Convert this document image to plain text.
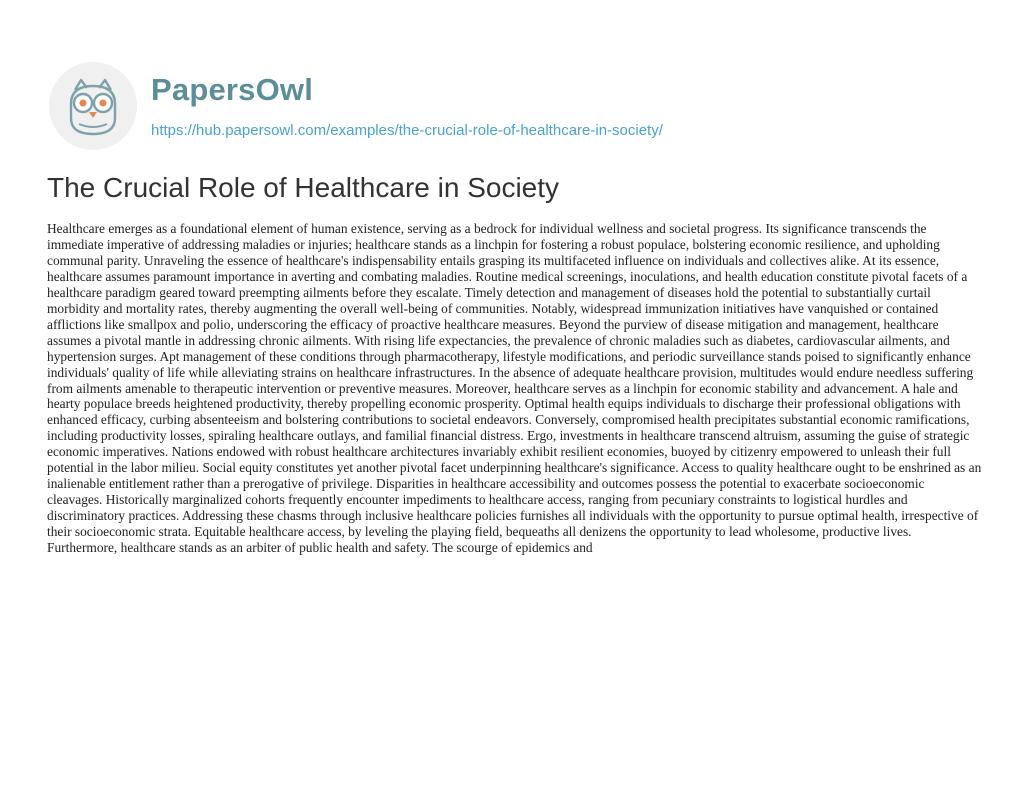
PapersOwl
https://hub.papersowl.com/examples/the-crucial-role-of-healthcare-in-society/
The Crucial Role of Healthcare in Society

Healthcare emerges as a foundational element of human existence, serving as a bedrock for individual wellness and societal progress. Its significance transcends the immediate imperative of addressing maladies or injuries; healthcare stands as a linchpin for fostering a robust populace, bolstering economic resilience, and upholding communal parity. Unraveling the essence of healthcare's indispensability entails grasping its multifaceted influence on individuals and collectives alike. At its essence, healthcare assumes paramount importance in averting and combating maladies. Routine medical screenings, inoculations, and health education constitute pivotal facets of a healthcare paradigm geared toward preempting ailments before they escalate. Timely detection and management of diseases hold the potential to substantially curtail morbidity and mortality rates, thereby augmenting the overall well-being of communities. Notably, widespread immunization initiatives have vanquished or contained afflictions like smallpox and polio, underscoring the efficacy of proactive healthcare measures. Beyond the purview of disease mitigation and management, healthcare assumes a pivotal mantle in addressing chronic ailments. With rising life expectancies, the prevalence of chronic maladies such as diabetes, cardiovascular ailments, and hypertension surges. Apt management of these conditions through pharmacotherapy, lifestyle modifications, and periodic surveillance stands poised to significantly enhance individuals' quality of life while alleviating strains on healthcare infrastructures. In the absence of adequate healthcare provision, multitudes would endure needless suffering from ailments amenable to therapeutic intervention or preventive measures. Moreover, healthcare serves as a linchpin for economic stability and advancement. A hale and hearty populace breeds heightened productivity, thereby propelling economic prosperity. Optimal health equips individuals to discharge their professional obligations with enhanced efficacy, curbing absenteeism and bolstering contributions to societal endeavors. Conversely, compromised health precipitates substantial economic ramifications, including productivity losses, spiraling healthcare outlays, and familial financial distress. Ergo, investments in healthcare transcend altruism, assuming the guise of strategic economic imperatives. Nations endowed with robust healthcare architectures invariably exhibit resilient economies, buoyed by citizenry empowered to unleash their full potential in the labor milieu. Social equity constitutes yet another pivotal facet underpinning healthcare's significance. Access to quality healthcare ought to be enshrined as an inalienable entitlement rather than a prerogative of privilege. Disparities in healthcare accessibility and outcomes possess the potential to exacerbate socioeconomic cleavages. Historically marginalized cohorts frequently encounter impediments to healthcare access, ranging from pecuniary constraints to logistical hurdles and discriminatory practices. Addressing these chasms through inclusive healthcare policies furnishes all individuals with the opportunity to pursue optimal health, irrespective of their socioeconomic strata. Equitable healthcare access, by leveling the playing field, bequeaths all denizens the opportunity to lead wholesome, productive lives. Furthermore, healthcare stands as an arbiter of public health and safety. The scourge of epidemics and
